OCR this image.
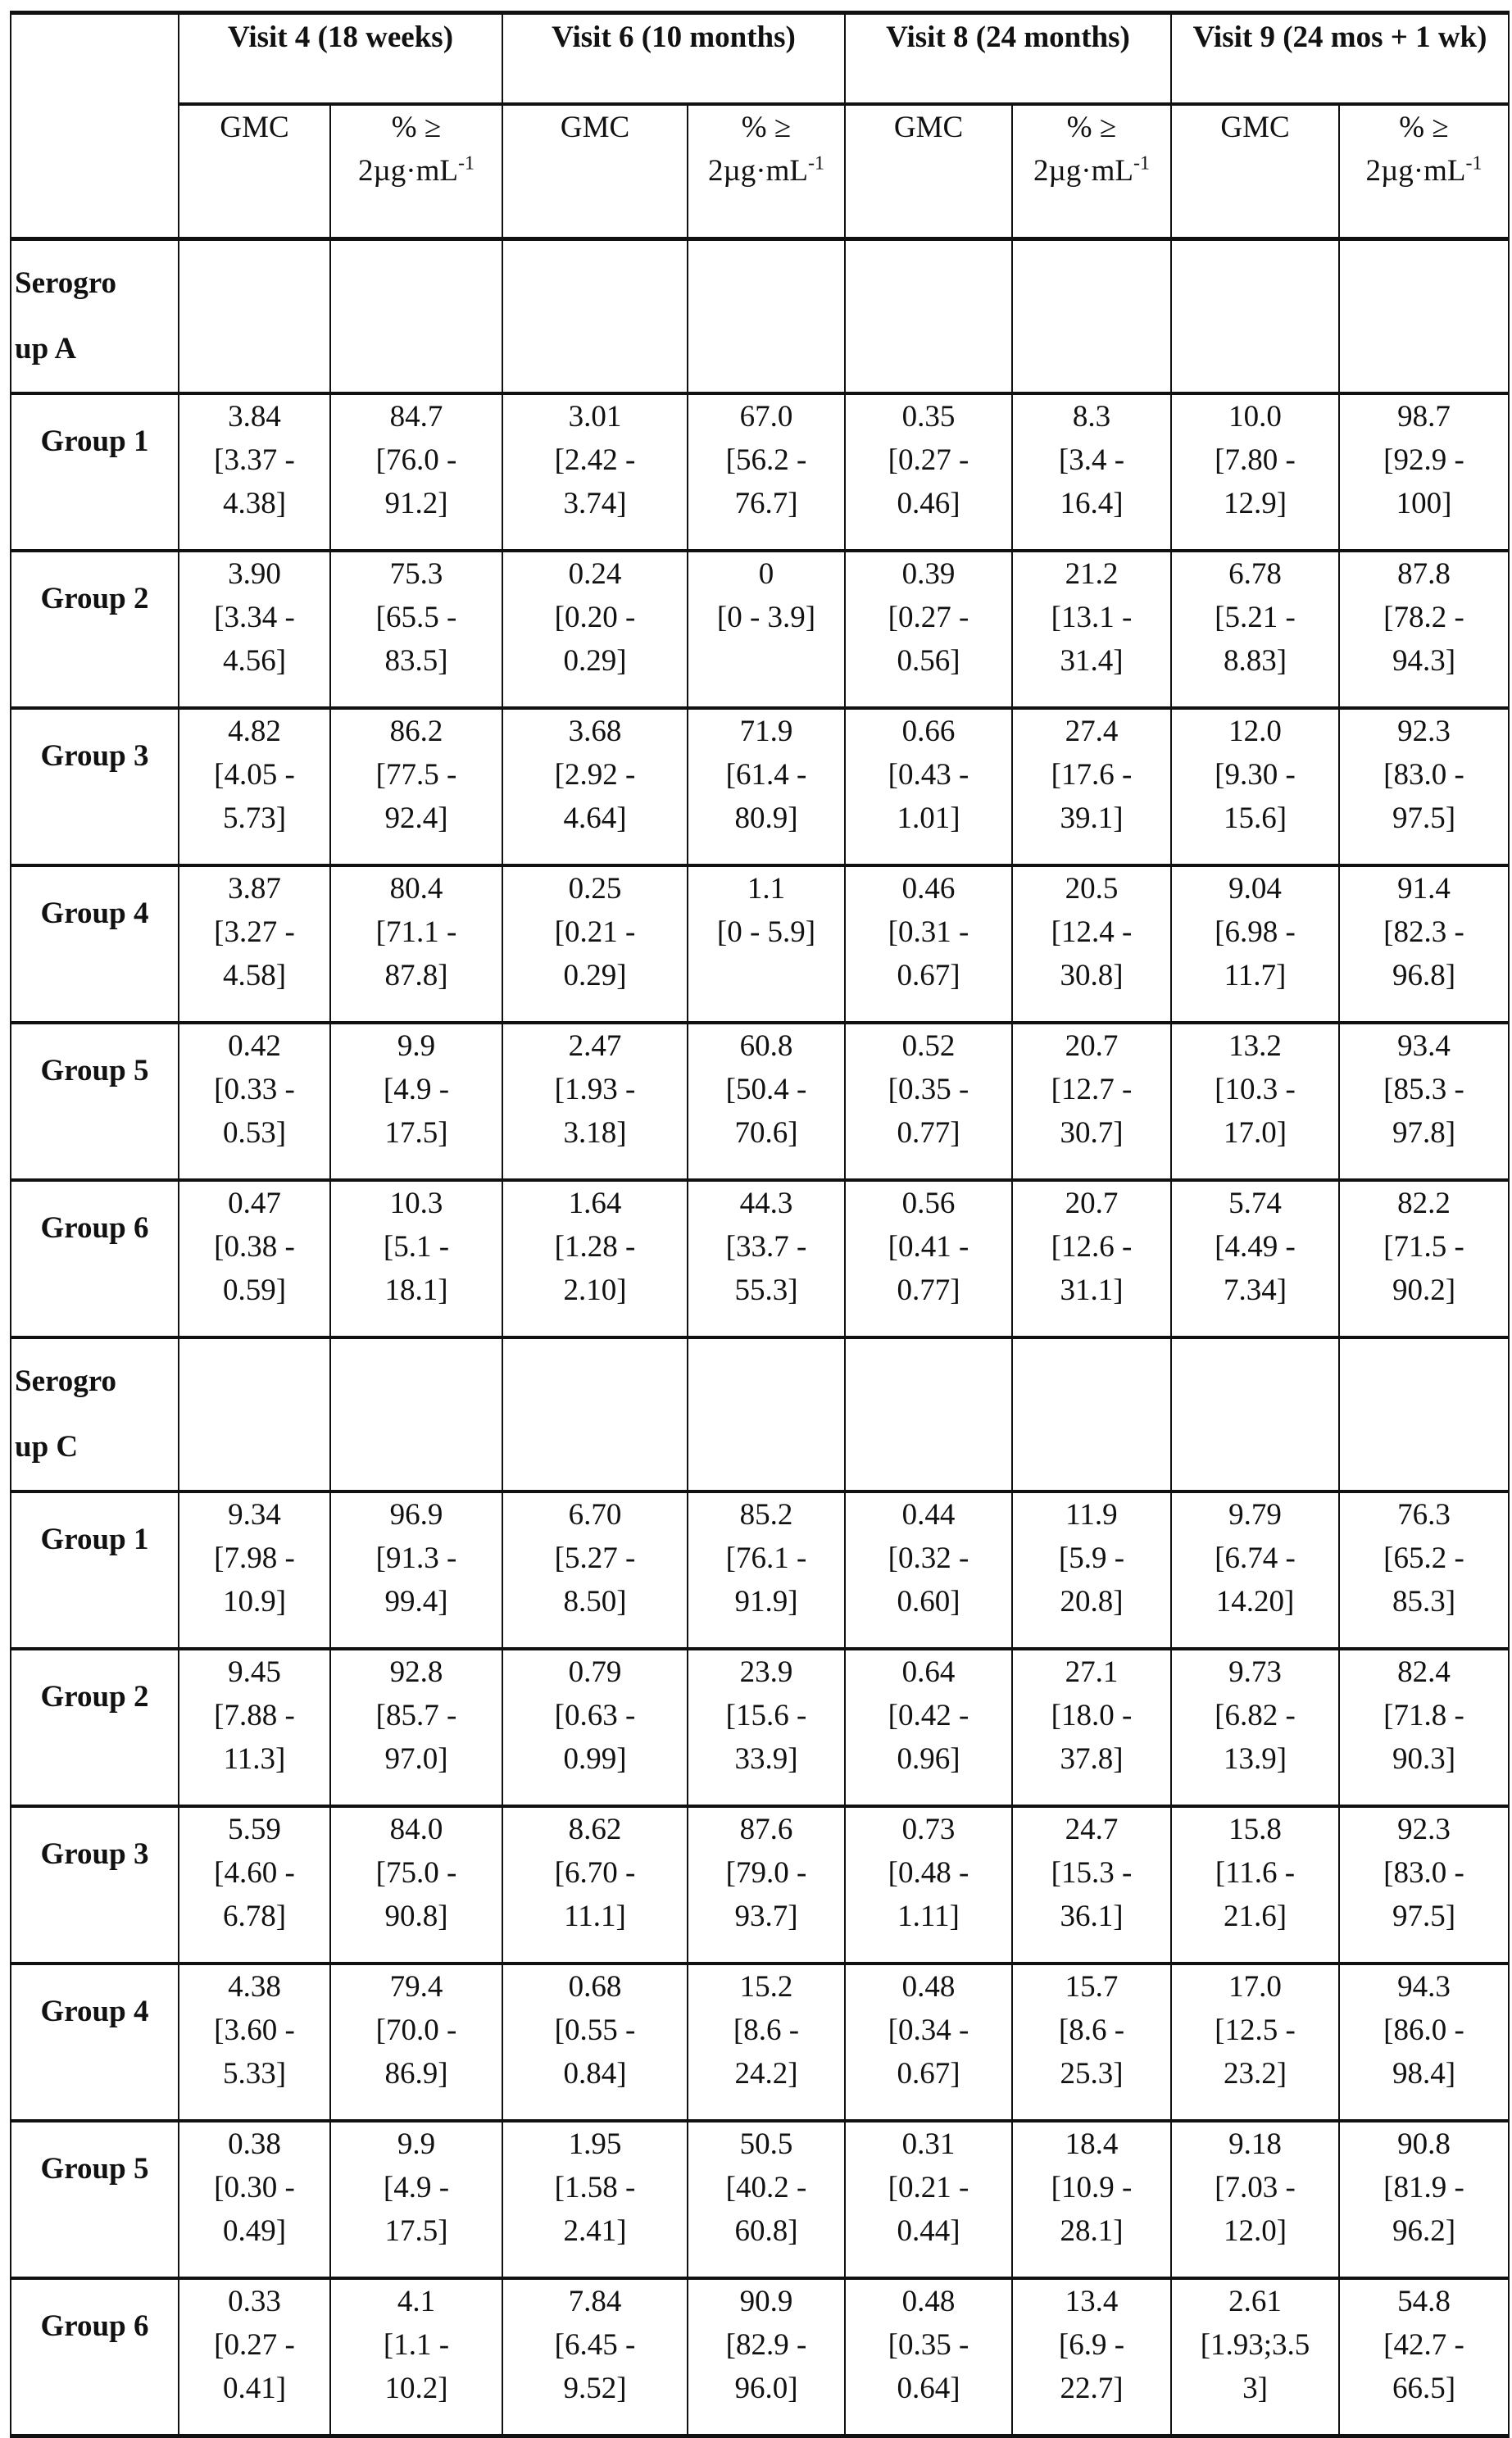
	Visit 4 (18 weeks)	Visit 6 (10 months)	Visit 8 (24 months)	Visit 9 (24 mos + 1 wk)
GMC	% ≥
2µg·mL-1	GMC	% ≥
2µg·mL-1	GMC	% ≥
2µg·mL-1	GMC	% ≥
2µg·mL-1
Serogro
up A								
Group 1	3.84
[3.37 -
4.38]	84.7
[76.0 -
91.2]	3.01
[2.42 -
3.74]	67.0
[56.2 -
76.7]	0.35
[0.27 -
0.46]	8.3
[3.4 -
16.4]	10.0
[7.80 -
12.9]	98.7
[92.9 -
100]
Group 2	3.90
[3.34 -
4.56]	75.3
[65.5 -
83.5]	0.24
[0.20 -
0.29]	0
[0 - 3.9]	0.39
[0.27 -
0.56]	21.2
[13.1 -
31.4]	6.78
[5.21 -
8.83]	87.8
[78.2 -
94.3]
Group 3	4.82
[4.05 -
5.73]	86.2
[77.5 -
92.4]	3.68
[2.92 -
4.64]	71.9
[61.4 -
80.9]	0.66
[0.43 -
1.01]	27.4
[17.6 -
39.1]	12.0
[9.30 -
15.6]	92.3
[83.0 -
97.5]
Group 4	3.87
[3.27 -
4.58]	80.4
[71.1 -
87.8]	0.25
[0.21 -
0.29]	1.1
[0 - 5.9]	0.46
[0.31 -
0.67]	20.5
[12.4 -
30.8]	9.04
[6.98 -
11.7]	91.4
[82.3 -
96.8]
Group 5	0.42
[0.33 -
0.53]	9.9
[4.9 -
17.5]	2.47
[1.93 -
3.18]	60.8
[50.4 -
70.6]	0.52
[0.35 -
0.77]	20.7
[12.7 -
30.7]	13.2
[10.3 -
17.0]	93.4
[85.3 -
97.8]
Group 6	0.47
[0.38 -
0.59]	10.3
[5.1 -
18.1]	1.64
[1.28 -
2.10]	44.3
[33.7 -
55.3]	0.56
[0.41 -
0.77]	20.7
[12.6 -
31.1]	5.74
[4.49 -
7.34]	82.2
[71.5 -
90.2]
Serogro
up C								
Group 1	9.34
[7.98 -
10.9]	96.9
[91.3 -
99.4]	6.70
[5.27 -
8.50]	85.2
[76.1 -
91.9]	0.44
[0.32 -
0.60]	11.9
[5.9 -
20.8]	9.79
[6.74 -
14.20]	76.3
[65.2 -
85.3]
Group 2	9.45
[7.88 -
11.3]	92.8
[85.7 -
97.0]	0.79
[0.63 -
0.99]	23.9
[15.6 -
33.9]	0.64
[0.42 -
0.96]	27.1
[18.0 -
37.8]	9.73
[6.82 -
13.9]	82.4
[71.8 -
90.3]
Group 3	5.59
[4.60 -
6.78]	84.0
[75.0 -
90.8]	8.62
[6.70 -
11.1]	87.6
[79.0 -
93.7]	0.73
[0.48 -
1.11]	24.7
[15.3 -
36.1]	15.8
[11.6 -
21.6]	92.3
[83.0 -
97.5]
Group 4	4.38
[3.60 -
5.33]	79.4
[70.0 -
86.9]	0.68
[0.55 -
0.84]	15.2
[8.6 -
24.2]	0.48
[0.34 -
0.67]	15.7
[8.6 -
25.3]	17.0
[12.5 -
23.2]	94.3
[86.0 -
98.4]
Group 5	0.38
[0.30 -
0.49]	9.9
[4.9 -
17.5]	1.95
[1.58 -
2.41]	50.5
[40.2 -
60.8]	0.31
[0.21 -
0.44]	18.4
[10.9 -
28.1]	9.18
[7.03 -
12.0]	90.8
[81.9 -
96.2]
Group 6	0.33
[0.27 -
0.41]	4.1
[1.1 -
10.2]	7.84
[6.45 -
9.52]	90.9
[82.9 -
96.0]	0.48
[0.35 -
0.64]	13.4
[6.9 -
22.7]	2.61
[1.93;3.5
3]	54.8
[42.7 -
66.5]
